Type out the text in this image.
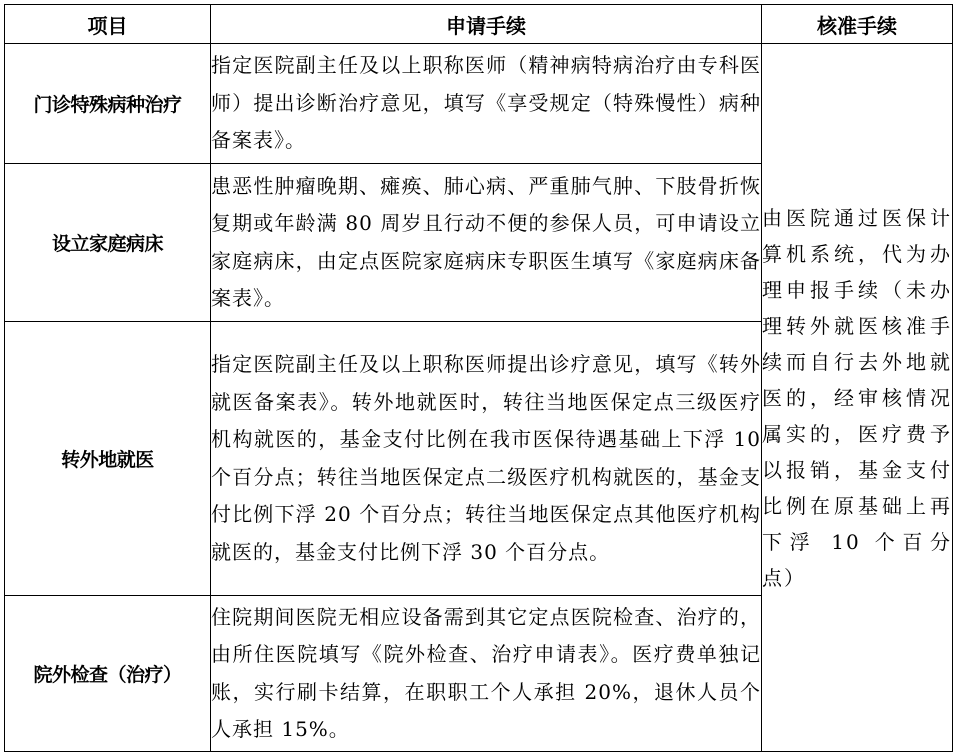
项目	申请手续	核准手续
门诊特殊病种治疗	指定医院副主任及以上职称医师（精神病特病治疗由专科医师）提出诊断治疗意见，填写《享受规定（特殊慢性）病种备案表》。	由医院通过医保计算机系统，代为办理申报手续（未办理转外就医核准手续而自行去外地就医的，经审核情况属实的，医疗费予以报销，基金支付比例在原基础上再下浮 10 个百分点）
设立家庭病床	患恶性肿瘤晚期、瘫痪、肺心病、严重肺气肿、下肢骨折恢复期或年龄满 80 周岁且行动不便的参保人员，可申请设立家庭病床，由定点医院家庭病床专职医生填写《家庭病床备案表》。	
转外地就医	指定医院副主任及以上职称医师提出诊疗意见，填写《转外就医备案表》。转外地就医时，转往当地医保定点三级医疗机构就医的，基金支付比例在我市医保待遇基础上下浮 10 个百分点；转往当地医保定点二级医疗机构就医的，基金支付比例下浮 20 个百分点；转往当地医保定点其他医疗机构就医的，基金支付比例下浮 30 个百分点。	
院外检查（治疗）	住院期间医院无相应设备需到其它定点医院检查、治疗的，由所住医院填写《院外检查、治疗申请表》。医疗费单独记账，实行刷卡结算，在职职工个人承担 20%，退休人员个人承担 15%。	
